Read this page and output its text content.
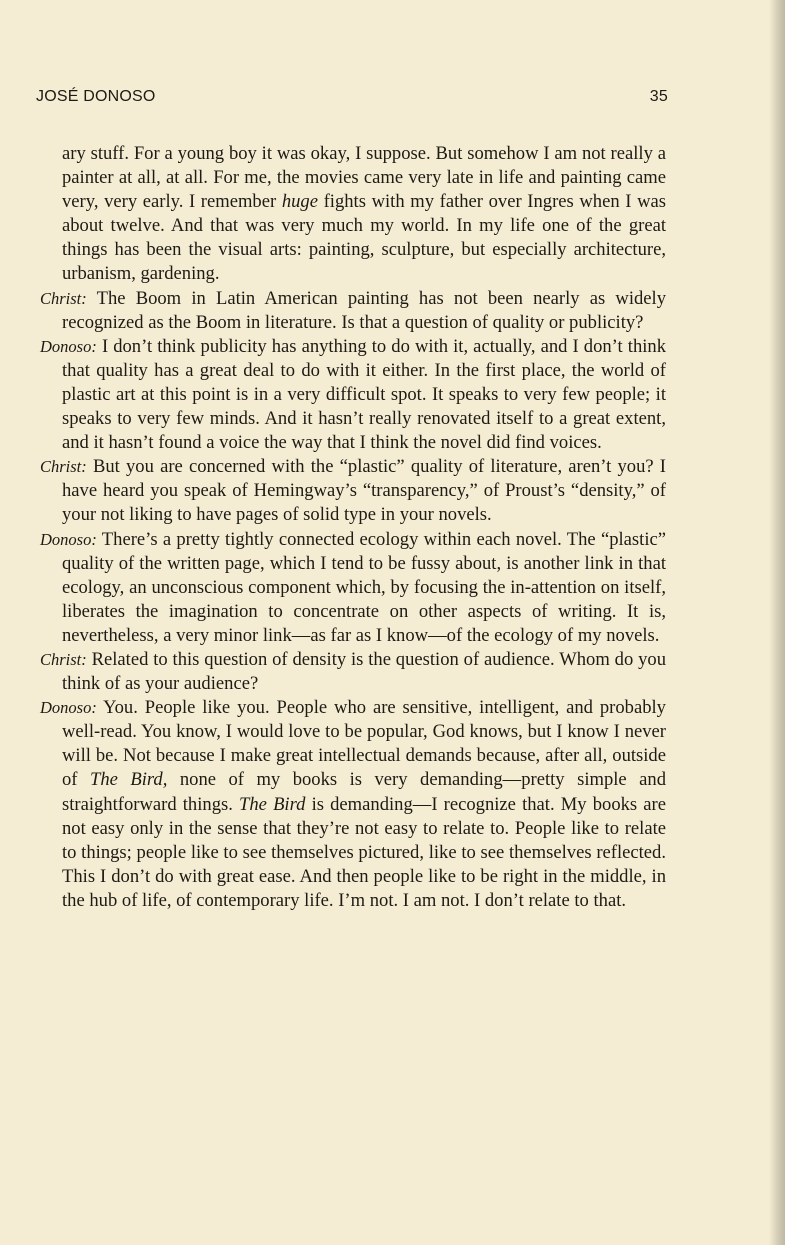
JOSÉ DONOSO	35

ary stuff. For a young boy it was okay, I suppose. But somehow I am not really a painter at all, at all. For me, the movies came very late in life and painting came very, very early. I remember huge fights with my father over Ingres when I was about twelve. And that was very much my world. In my life one of the great things has been the visual arts: painting, sculpture, but especially architecture, urbanism, gardening.

Christ: The Boom in Latin American painting has not been nearly as widely recognized as the Boom in literature. Is that a question of quality or publicity?

Donoso: I don’t think publicity has anything to do with it, actually, and I don’t think that quality has a great deal to do with it either. In the first place, the world of plastic art at this point is in a very difficult spot. It speaks to very few people; it speaks to very few minds. And it hasn’t really renovated itself to a great extent, and it hasn’t found a voice the way that I think the novel did find voices.

Christ: But you are concerned with the “plastic” quality of literature, aren’t you? I have heard you speak of Hemingway’s “transparency,” of Proust’s “density,” of your not liking to have pages of solid type in your novels.

Donoso: There’s a pretty tightly connected ecology within each novel. The “plastic” quality of the written page, which I tend to be fussy about, is another link in that ecology, an unconscious component which, by focusing the in-attention on itself, liberates the imagination to concentrate on other aspects of writing. It is, nevertheless, a very minor link—as far as I know—of the ecology of my novels.

Christ: Related to this question of density is the question of audience. Whom do you think of as your audience?

Donoso: You. People like you. People who are sensitive, intelligent, and probably well-read. You know, I would love to be popular, God knows, but I know I never will be. Not because I make great intellectual demands because, after all, outside of The Bird, none of my books is very demanding—pretty simple and straightforward things. The Bird is demanding—I recognize that. My books are not easy only in the sense that they’re not easy to relate to. People like to relate to things; people like to see themselves pictured, like to see themselves reflected. This I don’t do with great ease. And then people like to be right in the middle, in the hub of life, of contemporary life. I’m not. I am not. I don’t relate to that.
